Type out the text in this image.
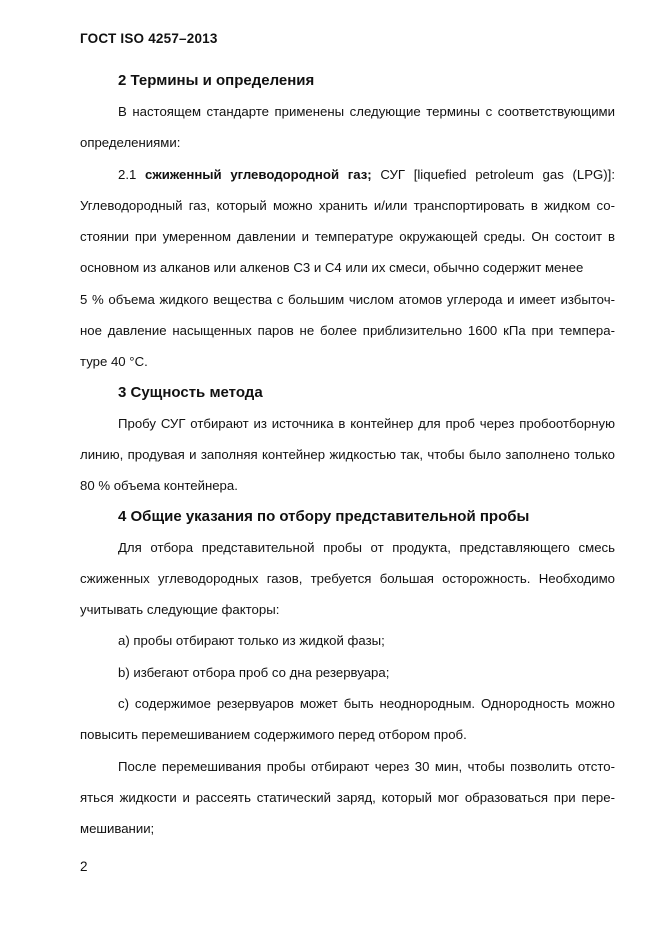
ГОСТ ISO 4257–2013
2 Термины и определения

В настоящем стандарте применены следующие термины с соответствующими определениями:

2.1 сжиженный углеводородной газ; СУГ [liquefied petroleum gas (LPG)]: Углеводородный газ, который можно хранить и/или транспортировать в жидком со-стоянии при умеренном давлении и температуре окружающей среды. Он состоит в основном из алканов или алкенов C3 и C4 или их смеси, обычно содержит менее

5 % объема жидкого вещества с большим числом атомов углерода и имеет избыточ-ное давление насыщенных паров не более приблизительно 1600 кПа при темпера-туре 40 °С.

3 Сущность метода

Пробу СУГ отбирают из источника в контейнер для проб через пробоотборную линию, продувая и заполняя контейнер жидкостью так, чтобы было заполнено только 80 % объема контейнера.

4 Общие указания по отбору представительной пробы

Для отбора представительной пробы от продукта, представляющего смесь сжиженных углеводородных газов, требуется большая осторожность. Необходимо учитывать следующие факторы:

a) пробы отбирают только из жидкой фазы;

b) избегают отбора проб со дна резервуара;

c) содержимое резервуаров может быть неоднородным. Однородность можно повысить перемешиванием содержимого перед отбором проб.

После перемешивания пробы отбирают через 30 мин, чтобы позволить отсто-яться жидкости и рассеять статический заряд, который мог образоваться при пере-мешивании;

2
